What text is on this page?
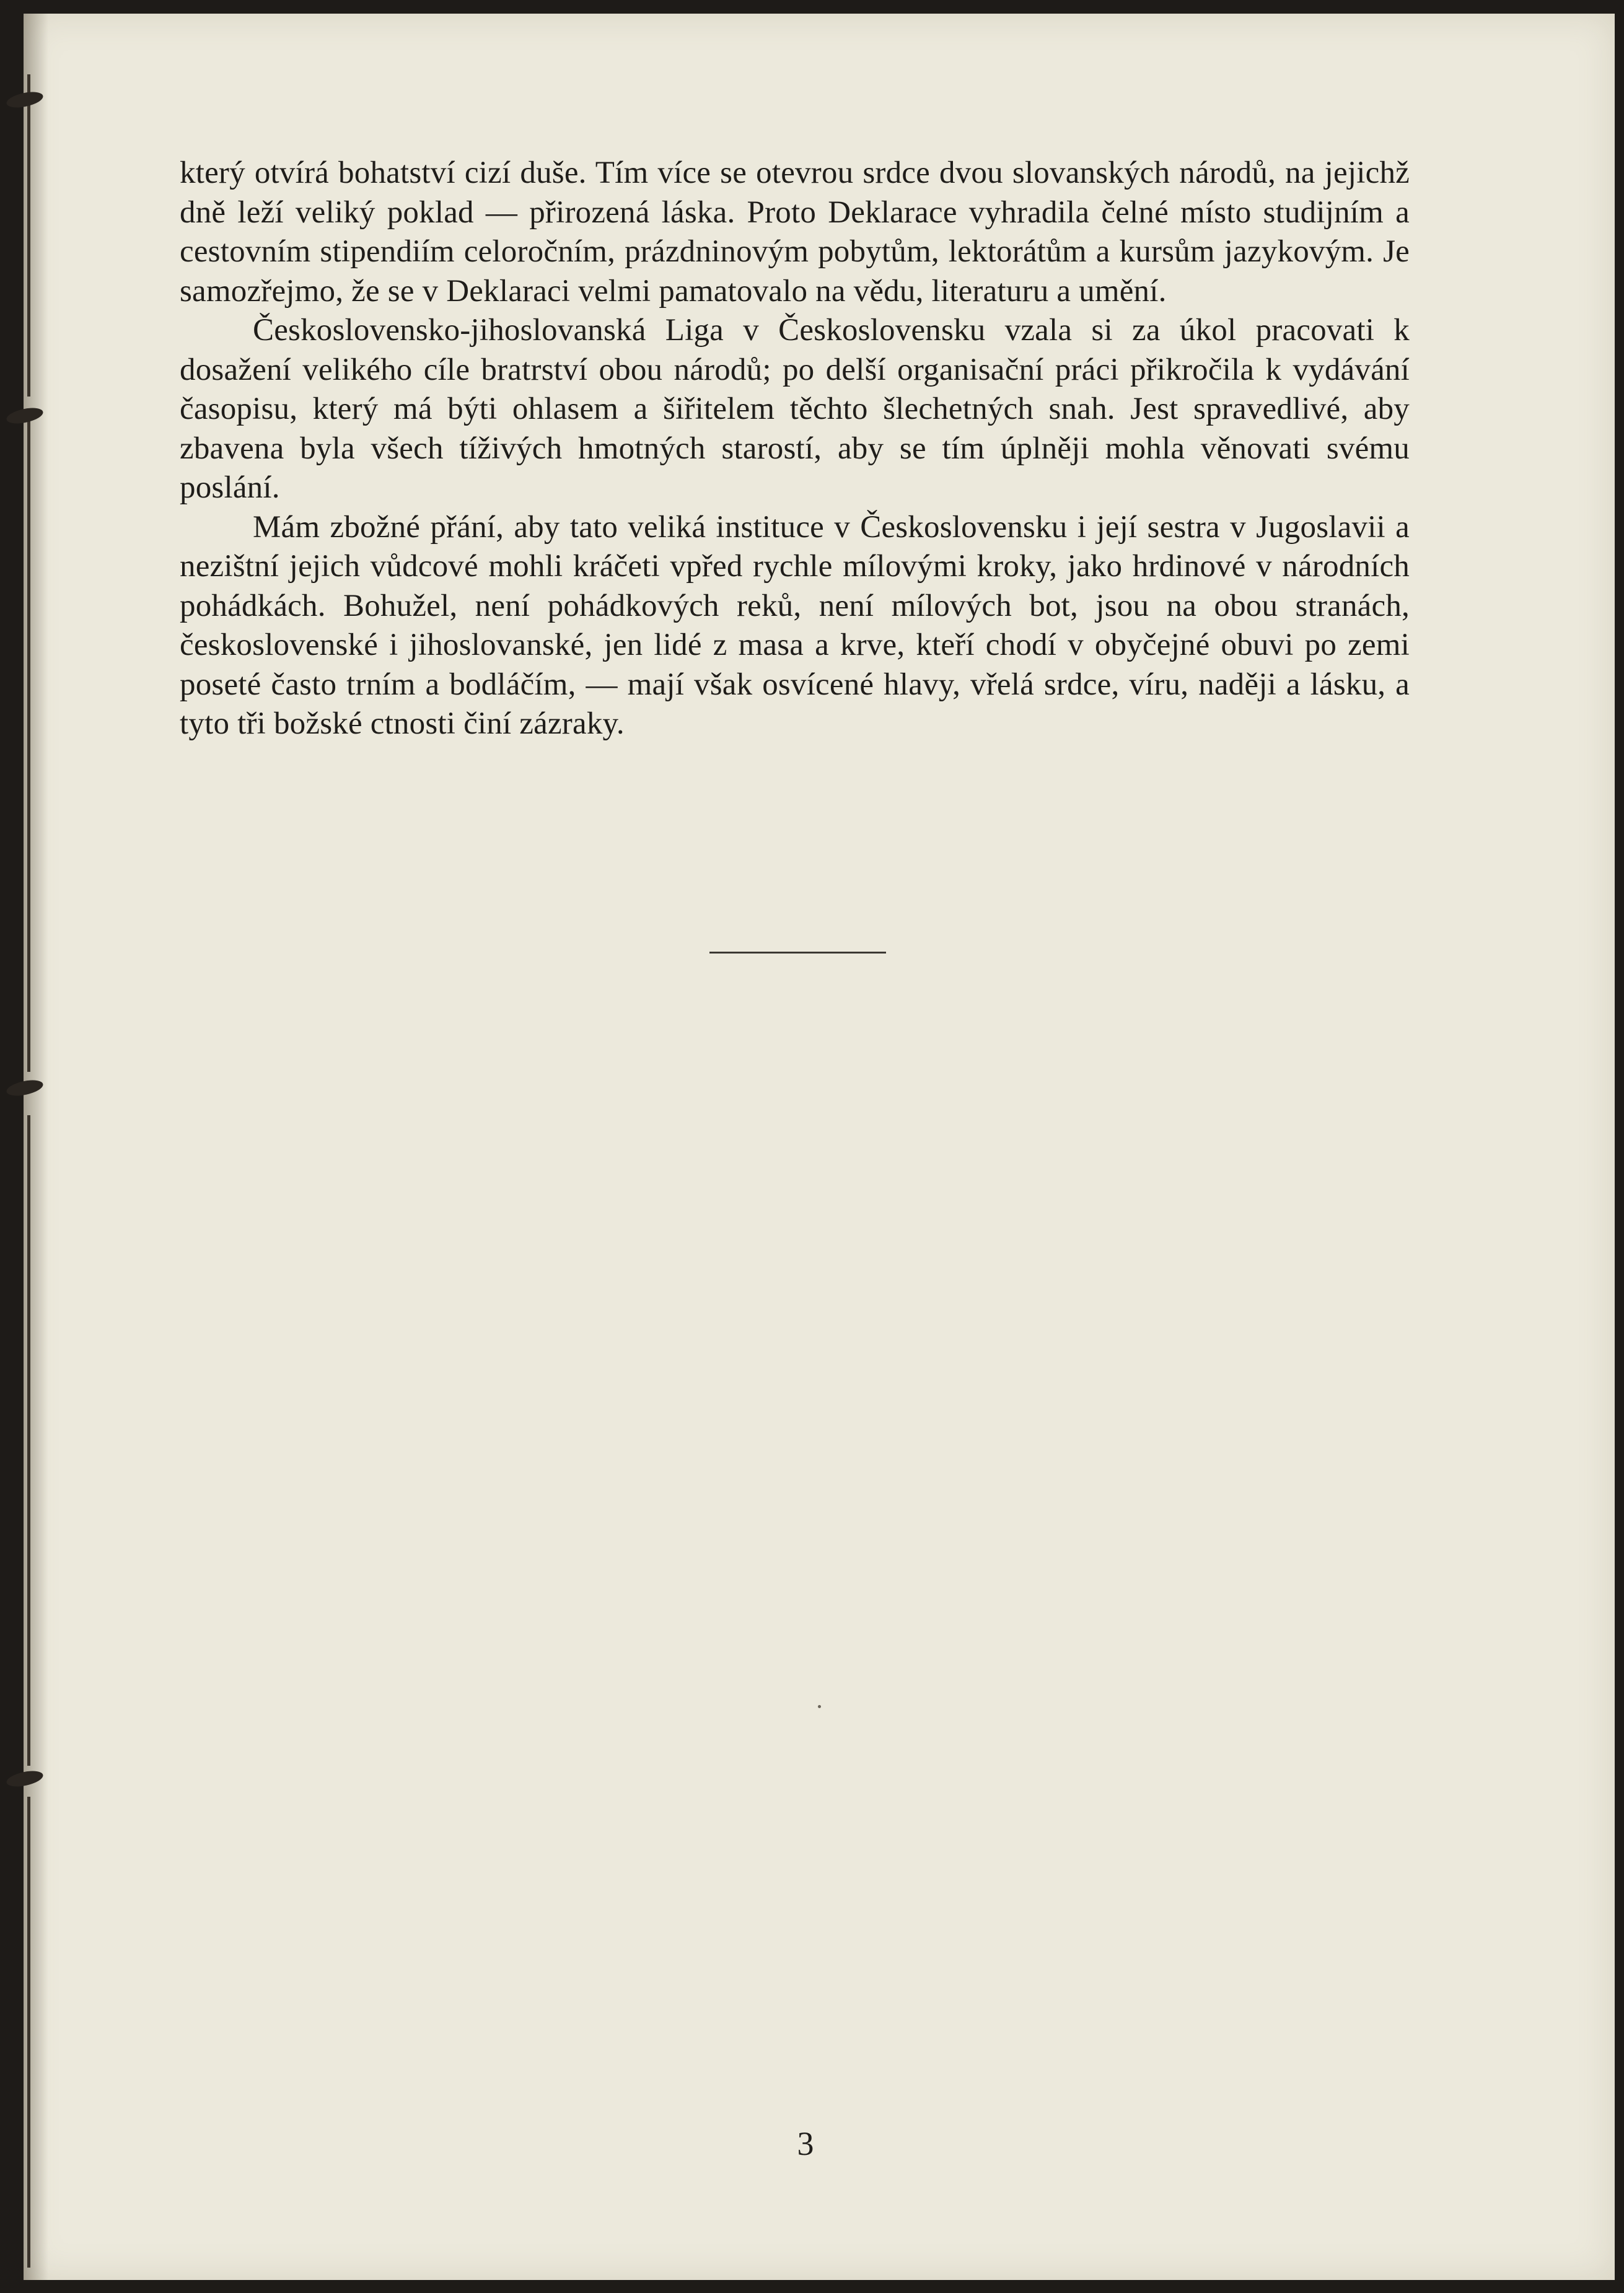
který otvírá bohatství cizí duše. Tím více se otevrou srdce dvou slovanských národů, na jejichž dně leží veliký poklad — přirozená láska. Proto Deklarace vyhradila čelné místo studijním a cestovním stipendiím celoročním, prázdninovým pobytům, lektorátům a kursům jazykovým. Je samozřejmo, že se v Deklaraci velmi pamatovalo na vědu, literaturu a umění.

Československo-jihoslovanská Liga v Československu vzala si za úkol pracovati k dosažení velikého cíle bratrství obou národů; po delší organisační práci přikročila k vydávání časopisu, který má býti ohlasem a šiřitelem těchto šlechetných snah. Jest spravedlivé, aby zbavena byla všech tíživých hmotných starostí, aby se tím úplněji mohla věnovati svému poslání.

Mám zbožné přání, aby tato veliká instituce v Československu i její sestra v Jugoslavii a nezištní jejich vůdcové mohli kráčeti vpřed rychle mílovými kroky, jako hrdinové v národních pohádkách. Bohužel, není pohádkových reků, není mílových bot, jsou na obou stranách, československé i jihoslovanské, jen lidé z masa a krve, kteří chodí v obyčejné obuvi po zemi poseté často trním a bodláčím, — mají však osvícené hlavy, vřelá srdce, víru, naději a lásku, a tyto tři božské ctnosti činí zázraky.

3
